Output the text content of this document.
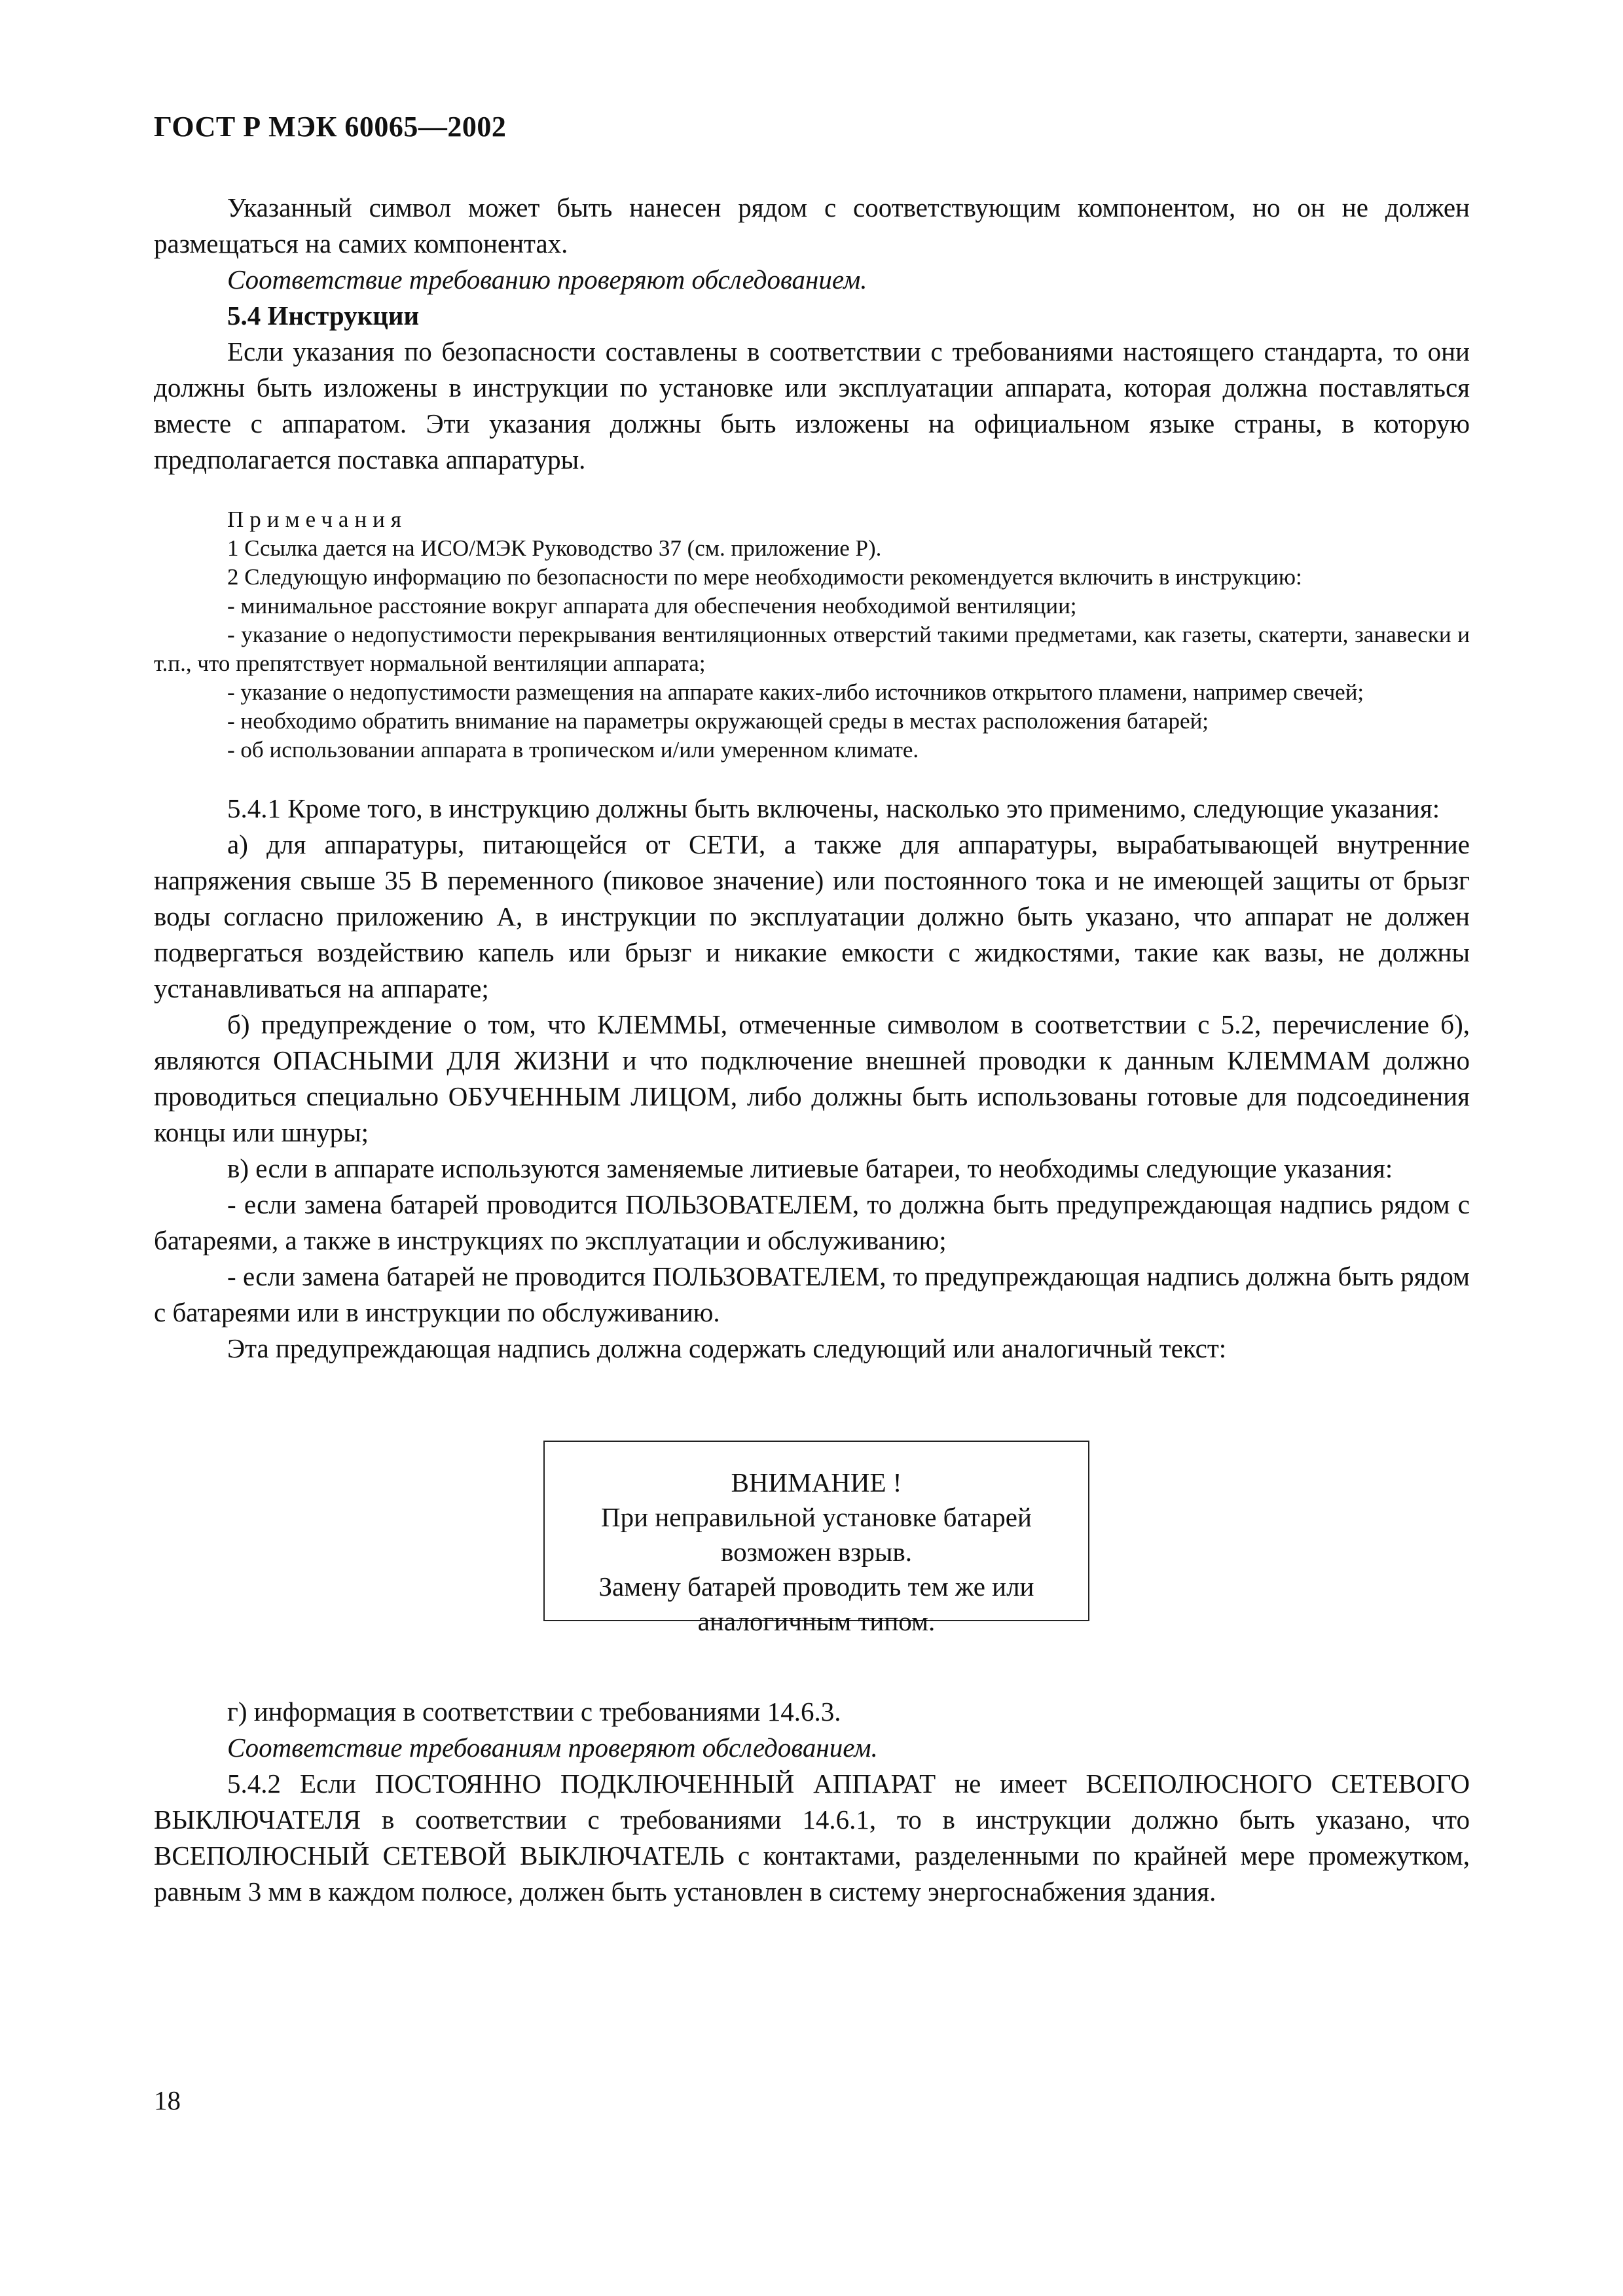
ГОСТ Р МЭК 60065—2002

Указанный символ может быть нанесен рядом с соответствующим компонентом, но он не должен размещаться на самих компонентах.

Соответствие требованию проверяют обследованием.

5.4 Инструкции

Если указания по безопасности составлены в соответствии с требованиями настоящего стандарта, то они должны быть изложены в инструкции по установке или эксплуатации аппарата, которая должна поставляться вместе с аппаратом. Эти указания должны быть изложены на официальном языке страны, в которую предполагается поставка аппаратуры.

Примечания

1 Ссылка дается на ИСО/МЭК Руководство 37 (см. приложение Р).

2 Следующую информацию по безопасности по мере необходимости рекомендуется включить в инструкцию:

- минимальное расстояние вокруг аппарата для обеспечения необходимой вентиляции;

- указание о недопустимости перекрывания вентиляционных отверстий такими предметами, как газеты, скатерти, занавески и т.п., что препятствует нормальной вентиляции аппарата;

- указание о недопустимости размещения на аппарате каких-либо источников открытого пламени, например свечей;

- необходимо обратить внимание на параметры окружающей среды в местах расположения батарей;

- об использовании аппарата в тропическом и/или умеренном климате.

5.4.1 Кроме того, в инструкцию должны быть включены, насколько это применимо, следующие указания:

а) для аппаратуры, питающейся от СЕТИ, а также для аппаратуры, вырабатывающей внутренние напряжения свыше 35 В переменного (пиковое значение) или постоянного тока и не имеющей защиты от брызг воды согласно приложению А, в инструкции по эксплуатации должно быть указано, что аппарат не должен подвергаться воздействию капель или брызг и никакие емкости с жидкостями, такие как вазы, не должны устанавливаться на аппарате;

б) предупреждение о том, что КЛЕММЫ, отмеченные символом в соответствии с 5.2, перечисление б), являются ОПАСНЫМИ ДЛЯ ЖИЗНИ и что подключение внешней проводки к данным КЛЕММАМ должно проводиться специально ОБУЧЕННЫМ ЛИЦОМ, либо должны быть использованы готовые для подсоединения концы или шнуры;

в) если в аппарате используются заменяемые литиевые батареи, то необходимы следующие указания:

- если замена батарей проводится ПОЛЬЗОВАТЕЛЕМ, то должна быть предупреждающая надпись рядом с батареями, а также в инструкциях по эксплуатации и обслуживанию;

- если замена батарей не проводится ПОЛЬЗОВАТЕЛЕМ, то предупреждающая надпись должна быть рядом с батареями или в инструкции по обслуживанию.

Эта предупреждающая надпись должна содержать следующий или аналогичный текст:

ВНИМАНИЕ !
При неправильной установке батарей
возможен взрыв.
Замену батарей проводить тем же или
аналогичным типом.

г) информация в соответствии с требованиями 14.6.3.

Соответствие требованиям проверяют обследованием.

5.4.2 Если ПОСТОЯННО ПОДКЛЮЧЕННЫЙ АППАРАТ не имеет ВСЕПОЛЮСНОГО СЕТЕВОГО ВЫКЛЮЧАТЕЛЯ в соответствии с требованиями 14.6.1, то в инструкции должно быть указано, что ВСЕПОЛЮСНЫЙ СЕТЕВОЙ ВЫКЛЮЧАТЕЛЬ с контактами, разделенными по крайней мере промежутком, равным 3 мм в каждом полюсе, должен быть установлен в систему энергоснабжения здания.

18
